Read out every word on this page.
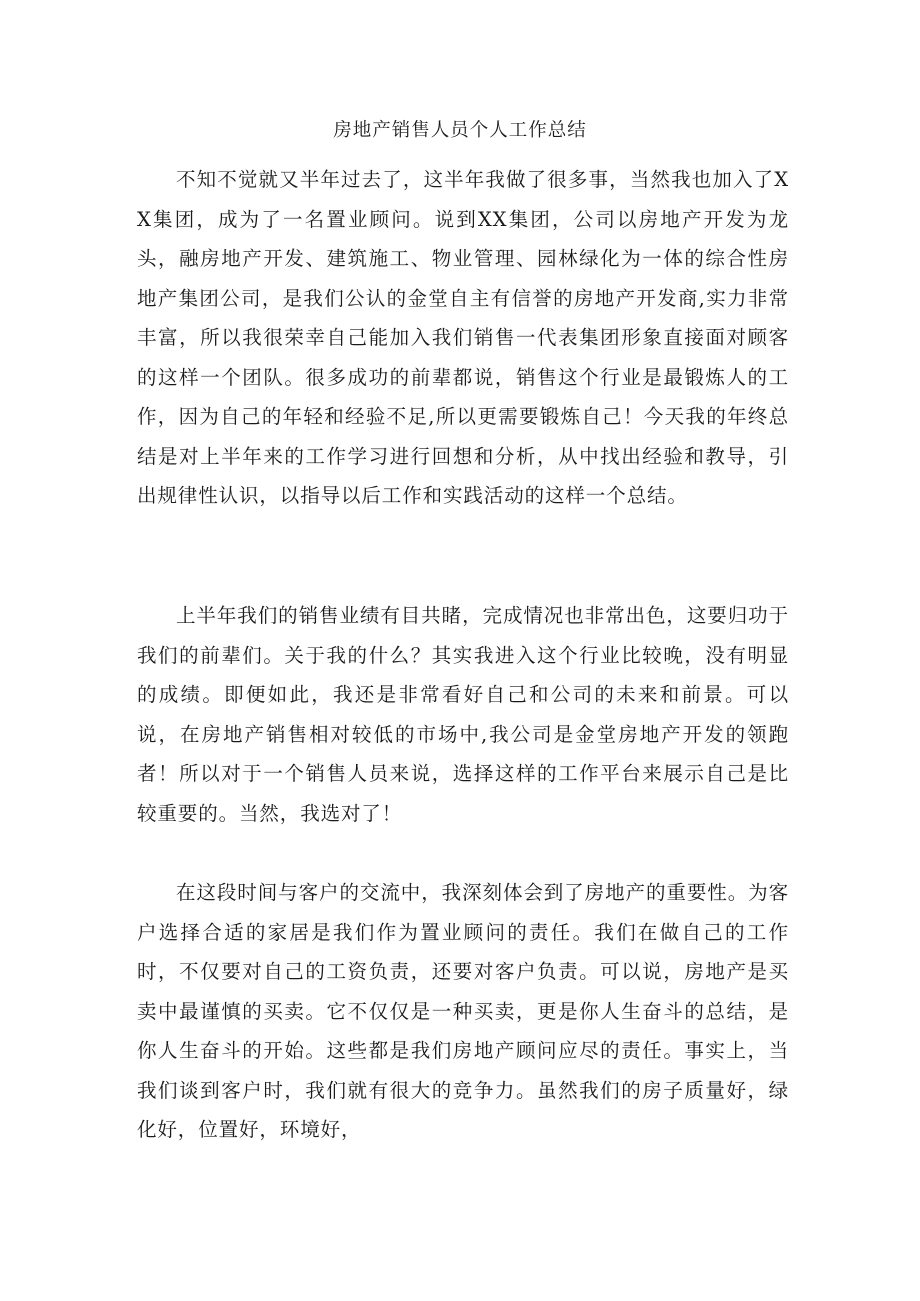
房地产销售人员个人工作总结

不知不觉就又半年过去了，这半年我做了很多事，当然我也加入了XX集团，成为了一名置业顾问。说到XX集团，公司以房地产开发为龙头，融房地产开发、建筑施工、物业管理、园林绿化为一体的综合性房地产集团公司，是我们公认的金堂自主有信誉的房地产开发商,实力非常丰富，所以我很荣幸自己能加入我们销售一代表集团形象直接面对顾客的这样一个团队。很多成功的前辈都说，销售这个行业是最锻炼人的工作，因为自己的年轻和经验不足,所以更需要锻炼自己！今天我的年终总结是对上半年来的工作学习进行回想和分析，从中找出经验和教导，引出规律性认识，以指导以后工作和实践活动的这样一个总结。

上半年我们的销售业绩有目共睹，完成情况也非常出色，这要归功于我们的前辈们。关于我的什么？其实我进入这个行业比较晚，没有明显的成绩。即便如此，我还是非常看好自己和公司的未来和前景。可以说，在房地产销售相对较低的市场中,我公司是金堂房地产开发的领跑者！所以对于一个销售人员来说，选择这样的工作平台来展示自己是比较重要的。当然，我选对了！

在这段时间与客户的交流中，我深刻体会到了房地产的重要性。为客户选择合适的家居是我们作为置业顾问的责任。我们在做自己的工作时，不仅要对自己的工资负责，还要对客户负责。可以说，房地产是买卖中最谨慎的买卖。它不仅仅是一种买卖，更是你人生奋斗的总结，是你人生奋斗的开始。这些都是我们房地产顾问应尽的责任。事实上，当我们谈到客户时，我们就有很大的竞争力。虽然我们的房子质量好，绿化好，位置好，环境好，
